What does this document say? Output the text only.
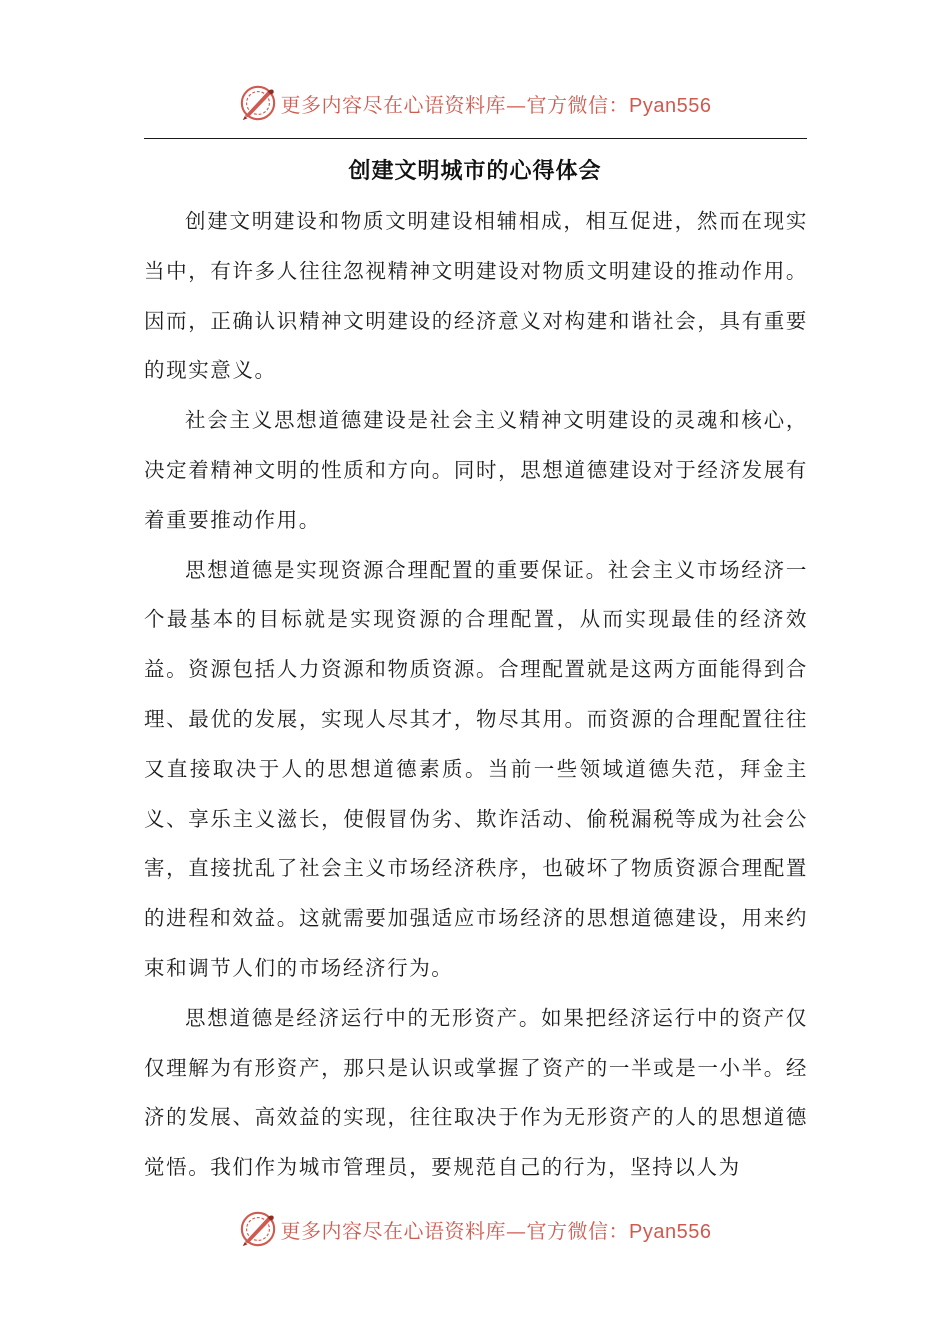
更多内容尽在心语资料库—官方微信：Pyan556
创建文明城市的心得体会

创建文明建设和物质文明建设相辅相成，相互促进，然而在现实当中，有许多人往往忽视精神文明建设对物质文明建设的推动作用。因而，正确认识精神文明建设的经济意义对构建和谐社会，具有重要的现实意义。

社会主义思想道德建设是社会主义精神文明建设的灵魂和核心，决定着精神文明的性质和方向。同时，思想道德建设对于经济发展有着重要推动作用。

思想道德是实现资源合理配置的重要保证。社会主义市场经济一个最基本的目标就是实现资源的合理配置，从而实现最佳的经济效益。资源包括人力资源和物质资源。合理配置就是这两方面能得到合理、最优的发展，实现人尽其才，物尽其用。而资源的合理配置往往又直接取决于人的思想道德素质。当前一些领域道德失范，拜金主义、享乐主义滋长，使假冒伪劣、欺诈活动、偷税漏税等成为社会公害，直接扰乱了社会主义市场经济秩序，也破坏了物质资源合理配置的进程和效益。这就需要加强适应市场经济的思想道德建设，用来约束和调节人们的市场经济行为。

思想道德是经济运行中的无形资产。如果把经济运行中的资产仅仅理解为有形资产，那只是认识或掌握了资产的一半或是一小半。经济的发展、高效益的实现，往往取决于作为无形资产的人的思想道德觉悟。我们作为城市管理员，要规范自己的行为，坚持以人为

更多内容尽在心语资料库—官方微信：Pyan556
